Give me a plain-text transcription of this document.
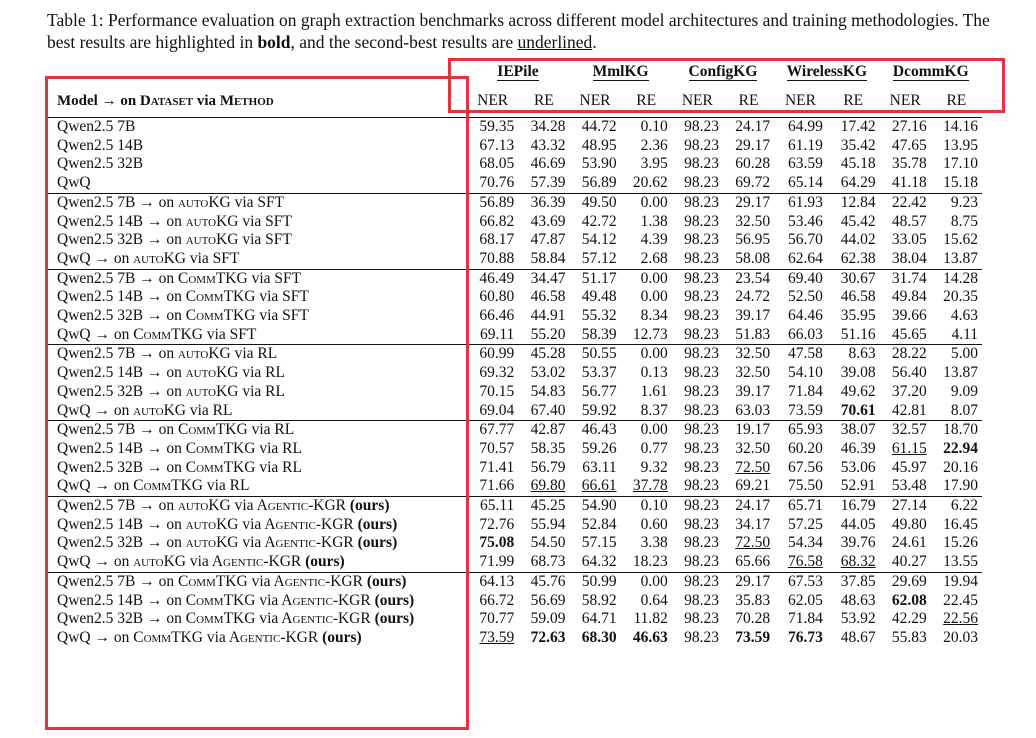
Table 1: Performance evaluation on graph extraction benchmarks across different model architectures and training methodologies. The best results are highlighted in bold, and the second-best results are underlined.
	IEPile		MmlKG		ConfigKG		WirelessKG		DcommKG	
Model → on Dataset via Method	NER	RE	NER	RE	NER	RE	NER	RE	NER	RE
Qwen2.5 7B	59.35	34.28	44.72	0.10	98.23	24.17	64.99	17.42	27.16	14.16
Qwen2.5 14B	67.13	43.32	48.95	2.36	98.23	29.17	61.19	35.42	47.65	13.95
Qwen2.5 32B	68.05	46.69	53.90	3.95	98.23	60.28	63.59	45.18	35.78	17.10
QwQ	70.76	57.39	56.89	20.62	98.23	69.72	65.14	64.29	41.18	15.18
Qwen2.5 7B → on autoKG via SFT	56.89	36.39	49.50	0.00	98.23	29.17	61.93	12.84	22.42	9.23
Qwen2.5 14B → on autoKG via SFT	66.82	43.69	42.72	1.38	98.23	32.50	53.46	45.42	48.57	8.75
Qwen2.5 32B → on autoKG via SFT	68.17	47.87	54.12	4.39	98.23	56.95	56.70	44.02	33.05	15.62
QwQ → on autoKG via SFT	70.88	58.84	57.12	2.68	98.23	58.08	62.64	62.38	38.04	13.87
Qwen2.5 7B → on CommTKG via SFT	46.49	34.47	51.17	0.00	98.23	23.54	69.40	30.67	31.74	14.28
Qwen2.5 14B → on CommTKG via SFT	60.80	46.58	49.48	0.00	98.23	24.72	52.50	46.58	49.84	20.35
Qwen2.5 32B → on CommTKG via SFT	66.46	44.91	55.32	8.34	98.23	39.17	64.46	35.95	39.66	4.63
QwQ → on CommTKG via SFT	69.11	55.20	58.39	12.73	98.23	51.83	66.03	51.16	45.65	4.11
Qwen2.5 7B → on autoKG via RL	60.99	45.28	50.55	0.00	98.23	32.50	47.58	8.63	28.22	5.00
Qwen2.5 14B → on autoKG via RL	69.32	53.02	53.37	0.13	98.23	32.50	54.10	39.08	56.40	13.87
Qwen2.5 32B → on autoKG via RL	70.15	54.83	56.77	1.61	98.23	39.17	71.84	49.62	37.20	9.09
QwQ → on autoKG via RL	69.04	67.40	59.92	8.37	98.23	63.03	73.59	70.61	42.81	8.07
Qwen2.5 7B → on CommTKG via RL	67.77	42.87	46.43	0.00	98.23	19.17	65.93	38.07	32.57	18.70
Qwen2.5 14B → on CommTKG via RL	70.57	58.35	59.26	0.77	98.23	32.50	60.20	46.39	61.15	22.94
Qwen2.5 32B → on CommTKG via RL	71.41	56.79	63.11	9.32	98.23	72.50	67.56	53.06	45.97	20.16
QwQ → on CommTKG via RL	71.66	69.80	66.61	37.78	98.23	69.21	75.50	52.91	53.48	17.90
Qwen2.5 7B → on autoKG via Agentic-KGR (ours)	65.11	45.25	54.90	0.10	98.23	24.17	65.71	16.79	27.14	6.22
Qwen2.5 14B → on autoKG via Agentic-KGR (ours)	72.76	55.94	52.84	0.60	98.23	34.17	57.25	44.05	49.80	16.45
Qwen2.5 32B → on autoKG via Agentic-KGR (ours)	75.08	54.50	57.15	3.38	98.23	72.50	54.34	39.76	24.61	15.26
QwQ → on autoKG via Agentic-KGR (ours)	71.99	68.73	64.32	18.23	98.23	65.66	76.58	68.32	40.27	13.55
Qwen2.5 7B → on CommTKG via Agentic-KGR (ours)	64.13	45.76	50.99	0.00	98.23	29.17	67.53	37.85	29.69	19.94
Qwen2.5 14B → on CommTKG via Agentic-KGR (ours)	66.72	56.69	58.92	0.64	98.23	35.83	62.05	48.63	62.08	22.45
Qwen2.5 32B → on CommTKG via Agentic-KGR (ours)	70.77	59.09	64.71	11.82	98.23	70.28	71.84	53.92	42.29	22.56
QwQ → on CommTKG via Agentic-KGR (ours)	73.59	72.63	68.30	46.63	98.23	73.59	76.73	48.67	55.83	20.03
